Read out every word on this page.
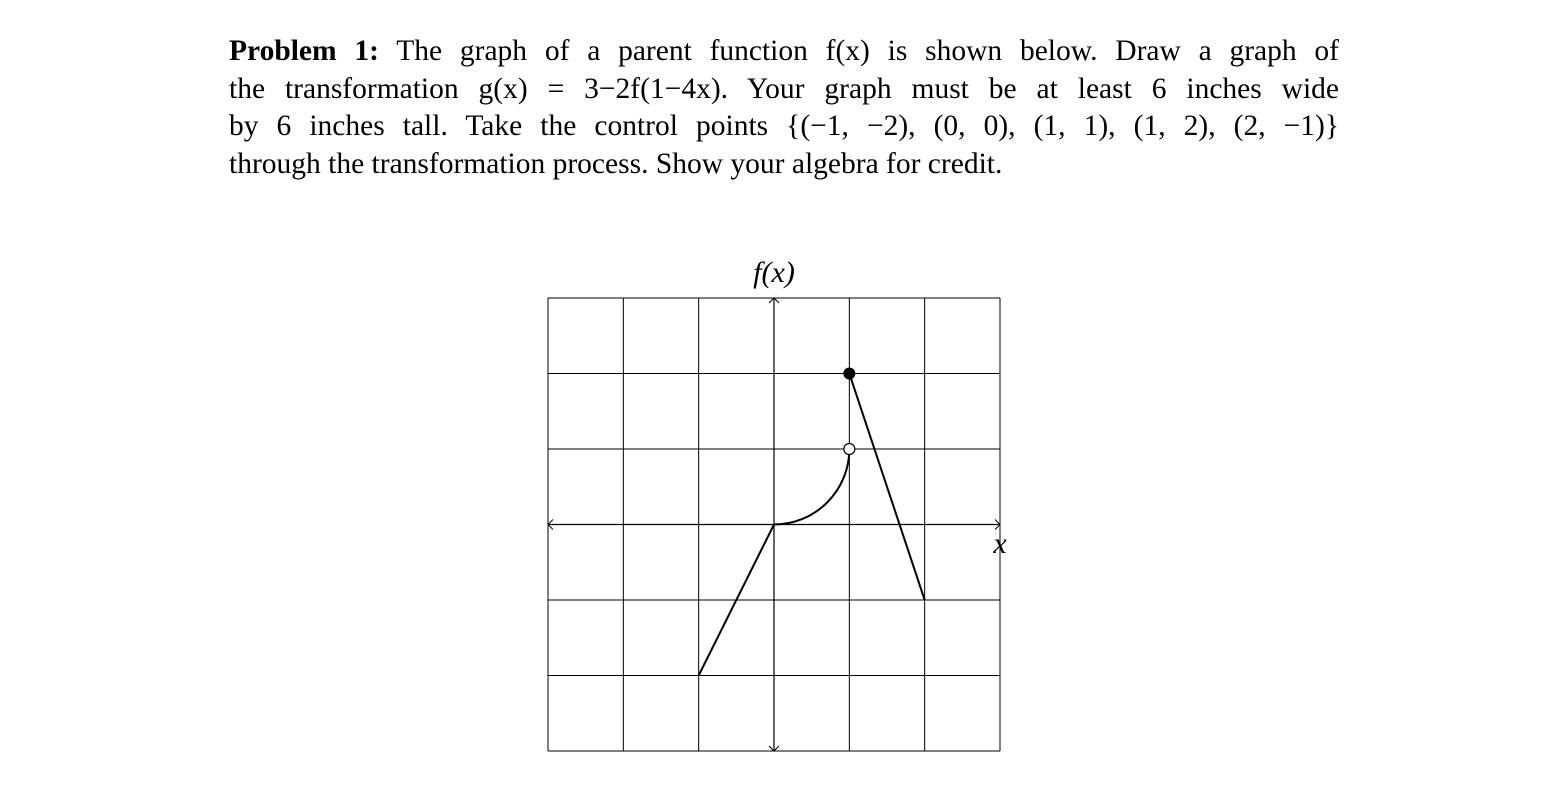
Problem 1: The graph of a parent function f(x) is shown below. Draw a graph of
the transformation g(x) = 3−2f(1−4x). Your graph must be at least 6 inches wide
by 6 inches tall. Take the control points {(−1, −2), (0, 0), (1, 1), (1, 2), (2, −1)}
through the transformation process. Show your algebra for credit.
f(x)
x
